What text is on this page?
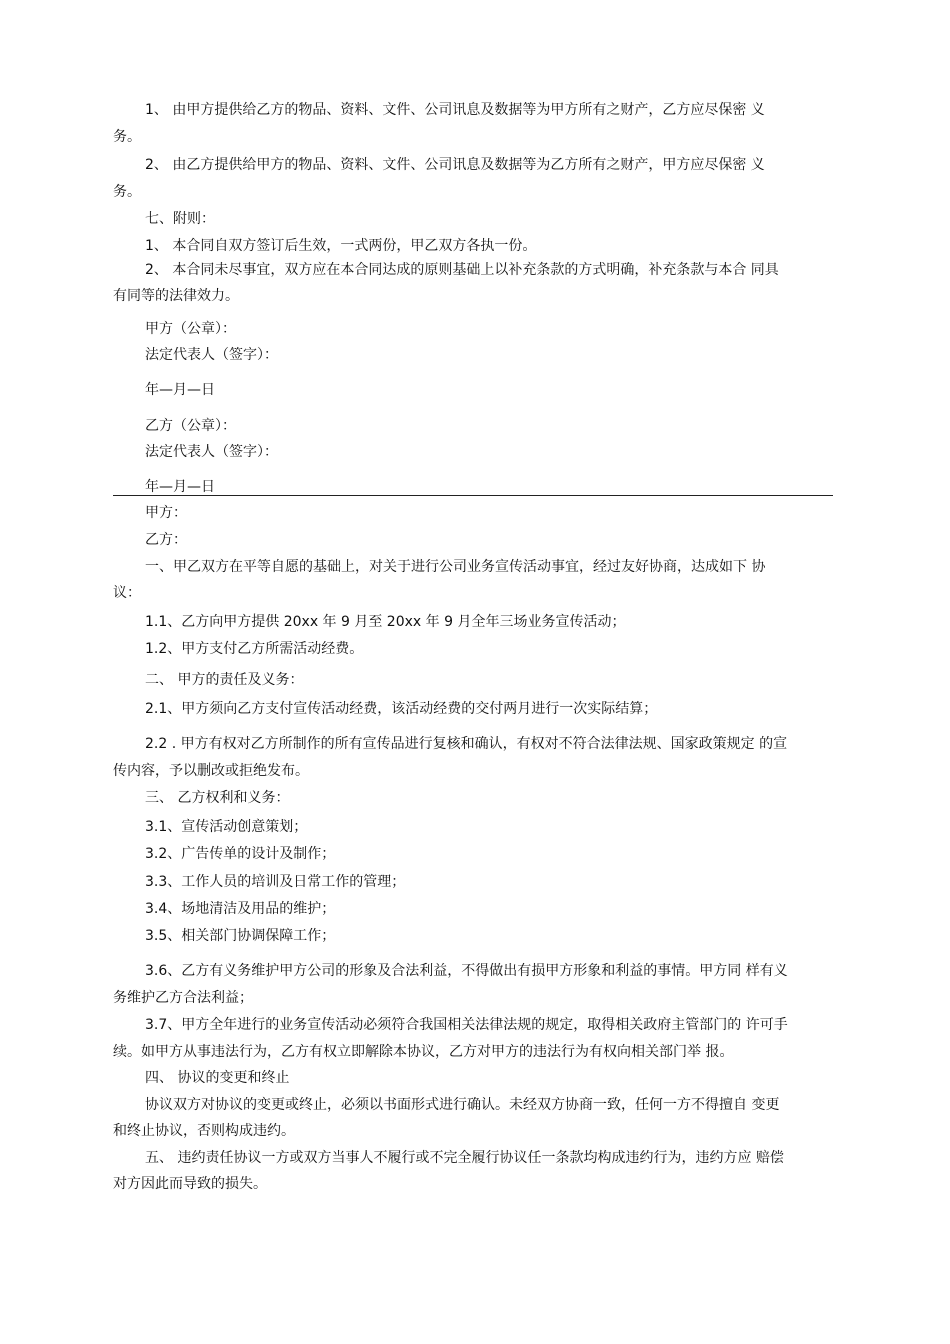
1、 由甲方提供给乙方的物品、资料、文件、公司讯息及数据等为甲方所有之财产，乙方应尽保密 义

务。

2、 由乙方提供给甲方的物品、资料、文件、公司讯息及数据等为乙方所有之财产，甲方应尽保密 义

务。

七、附则：

1、 本合同自双方签订后生效，一式两份，甲乙双方各执一份。

2、 本合同未尽事宜，双方应在本合同达成的原则基础上以补充条款的方式明确，补充条款与本合 同具

有同等的法律效力。

甲方（公章）：

法定代表人（签字）：

年—月—日

乙方（公章）：

法定代表人（签字）：

年—月—日

甲方：

乙方：

一、甲乙双方在平等自愿的基础上，对关于进行公司业务宣传活动事宜，经过友好协商，达成如下 协

议：

1.1、乙方向甲方提供 20xx 年 9 月至 20xx 年 9 月全年三场业务宣传活动；

1.2、甲方支付乙方所需活动经费。

二、 甲方的责任及义务：

2.1、甲方须向乙方支付宣传活动经费，该活动经费的交付两月进行一次实际结算；

2.2 . 甲方有权对乙方所制作的所有宣传品进行复核和确认，有权对不符合法律法规、国家政策规定 的宣

传内容，予以删改或拒绝发布。

三、 乙方权利和义务：

3.1、宣传活动创意策划；

3.2、广告传单的设计及制作；

3.3、工作人员的培训及日常工作的管理；

3.4、场地清洁及用品的维护；

3.5、相关部门协调保障工作；

3.6、乙方有义务维护甲方公司的形象及合法利益，不得做出有损甲方形象和利益的事情。甲方同 样有义

务维护乙方合法利益；

3.7、甲方全年进行的业务宣传活动必须符合我国相关法律法规的规定，取得相关政府主管部门的 许可手

续。如甲方从事违法行为，乙方有权立即解除本协议，乙方对甲方的违法行为有权向相关部门举 报。

四、 协议的变更和终止

协议双方对协议的变更或终止，必须以书面形式进行确认。未经双方协商一致，任何一方不得擅自 变更

和终止协议，否则构成违约。

五、 违约责任协议一方或双方当事人不履行或不完全履行协议任一条款均构成违约行为，违约方应 赔偿

对方因此而导致的损失。
